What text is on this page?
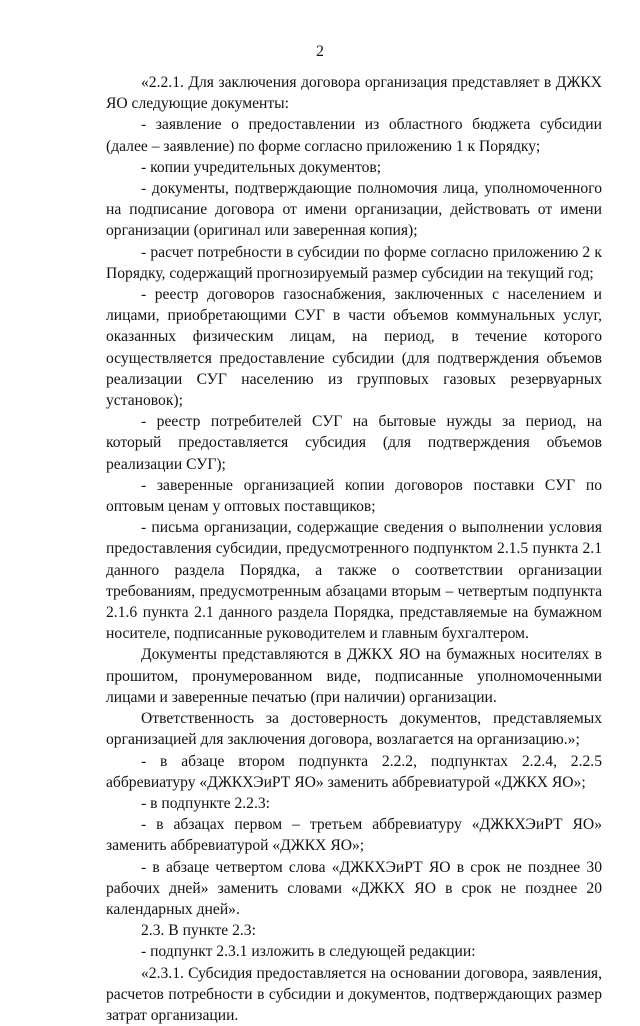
2

«2.2.1. Для заключения договора организация представляет в ДЖКХ ЯО следующие документы:

- заявление о предоставлении из областного бюджета субсидии (далее – заявление) по форме согласно приложению 1 к Порядку;

- копии учредительных документов;

- документы, подтверждающие полномочия лица, уполномоченного на подписание договора от имени организации, действовать от имени организации (оригинал или заверенная копия);

- расчет потребности в субсидии по форме согласно приложению 2 к Порядку, содержащий прогнозируемый размер субсидии на текущий год;

- реестр договоров газоснабжения, заключенных с населением и лицами, приобретающими СУГ в части объемов коммунальных услуг, оказанных физическим лицам, на период, в течение которого осуществляется предоставление субсидии (для подтверждения объемов реализации СУГ населению из групповых газовых резервуарных установок);

- реестр потребителей СУГ на бытовые нужды за период, на который предоставляется субсидия (для подтверждения объемов реализации СУГ);

- заверенные организацией копии договоров поставки СУГ по оптовым ценам у оптовых поставщиков;

- письма организации, содержащие сведения о выполнении условия предоставления субсидии, предусмотренного подпунктом 2.1.5 пункта 2.1 данного раздела Порядка, а также о соответствии организации требованиям, предусмотренным абзацами вторым – четвертым подпункта 2.1.6 пункта 2.1 данного раздела Порядка, представляемые на бумажном носителе, подписанные руководителем и главным бухгалтером.

Документы представляются в ДЖКХ ЯО на бумажных носителях в прошитом, пронумерованном виде, подписанные уполномоченными лицами и заверенные печатью (при наличии) организации.

Ответственность за достоверность документов, представляемых организацией для заключения договора, возлагается на организацию.»;

- в абзаце втором подпункта 2.2.2, подпунктах 2.2.4, 2.2.5 аббревиатуру «ДЖКХЭиРТ ЯО» заменить аббревиатурой «ДЖКХ ЯО»;

- в подпункте 2.2.3:

- в абзацах первом – третьем аббревиатуру «ДЖКХЭиРТ ЯО» заменить аббревиатурой «ДЖКХ ЯО»;

- в абзаце четвертом слова «ДЖКХЭиРТ ЯО в срок не позднее 30 рабочих дней» заменить словами «ДЖКХ ЯО в срок не позднее 20 календарных дней».

2.3. В пункте 2.3:

- подпункт 2.3.1 изложить в следующей редакции:

«2.3.1. Субсидия предоставляется на основании договора, заявления, расчетов потребности в субсидии и документов, подтверждающих размер затрат организации.
